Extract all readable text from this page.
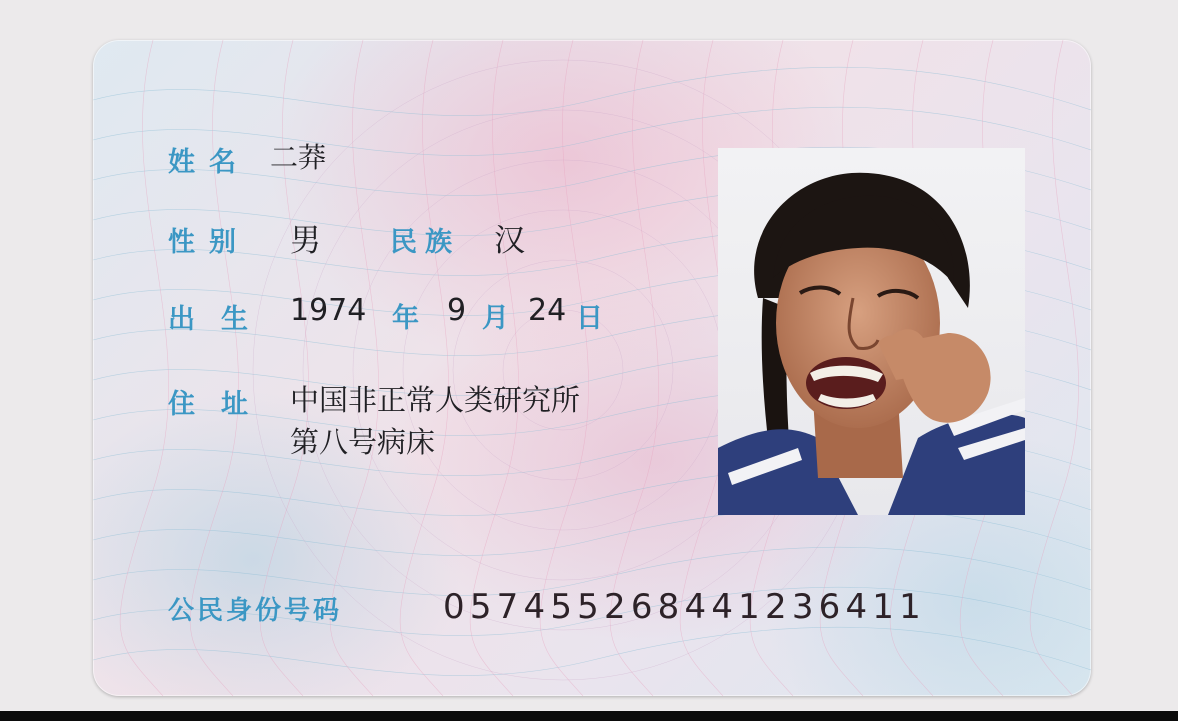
姓名 二莽
性别 男	民族 汉
出生 1974 年 9 月 24 日
住址 中国非正常人类研究所
第八号病床
公民身份号码	057455268441236411
